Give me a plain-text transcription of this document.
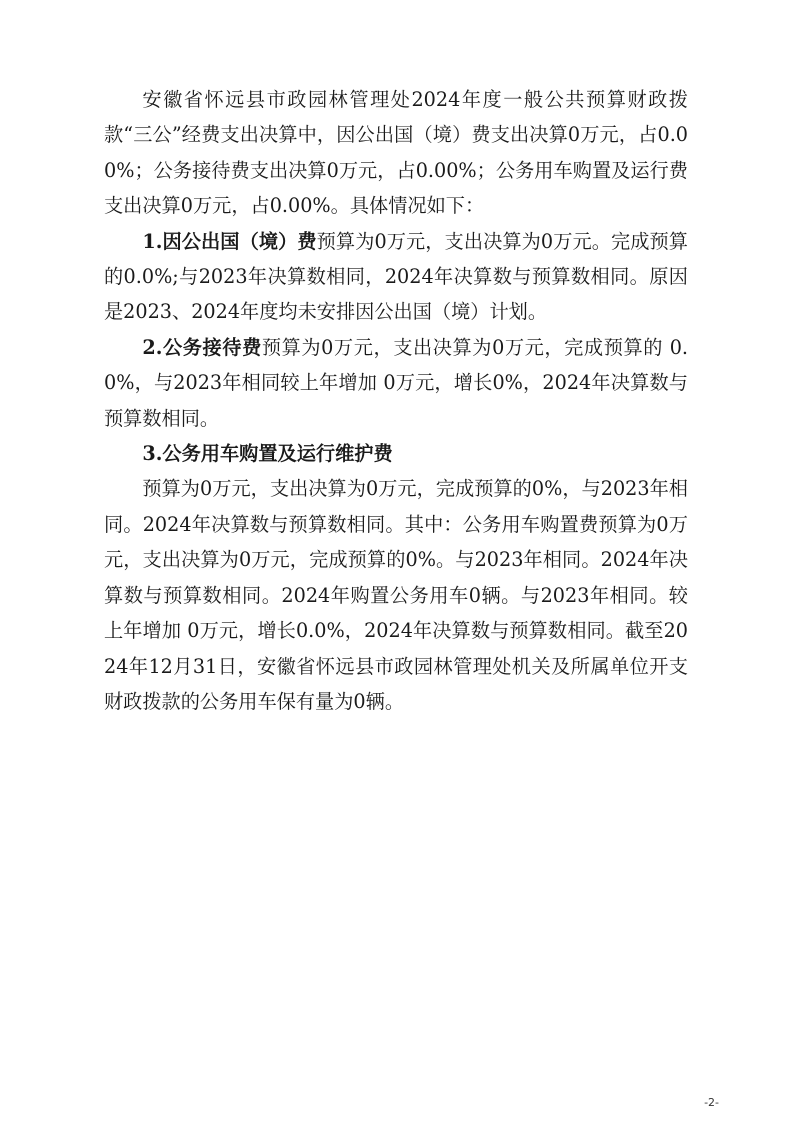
安徽省怀远县市政园林管理处2024年度一般公共预算财政拨款“三公”经费支出决算中，因公出国（境）费支出决算0万元，占0.00%；公务接待费支出决算0万元，占0.00%；公务用车购置及运行费支出决算0万元，占0.00%。具体情况如下：

1.因公出国（境）费预算为0万元，支出决算为0万元。完成预算的0.0%;与2023年决算数相同，2024年决算数与预算数相同。原因是2023、2024年度均未安排因公出国（境）计划。

2.公务接待费预算为0万元，支出决算为0万元，完成预算的 0.0%，与2023年相同较上年增加 0万元，增长0%，2024年决算数与预算数相同。

3.公务用车购置及运行维护费

预算为0万元，支出决算为0万元，完成预算的0%，与2023年相同。2024年决算数与预算数相同。其中：公务用车购置费预算为0万元，支出决算为0万元，完成预算的0%。与2023年相同。2024年决算数与预算数相同。2024年购置公务用车0辆。与2023年相同。较上年增加 0万元，增长0.0%，2024年决算数与预算数相同。截至2024年12月31日，安徽省怀远县市政园林管理处机关及所属单位开支财政拨款的公务用车保有量为0辆。

-2-
